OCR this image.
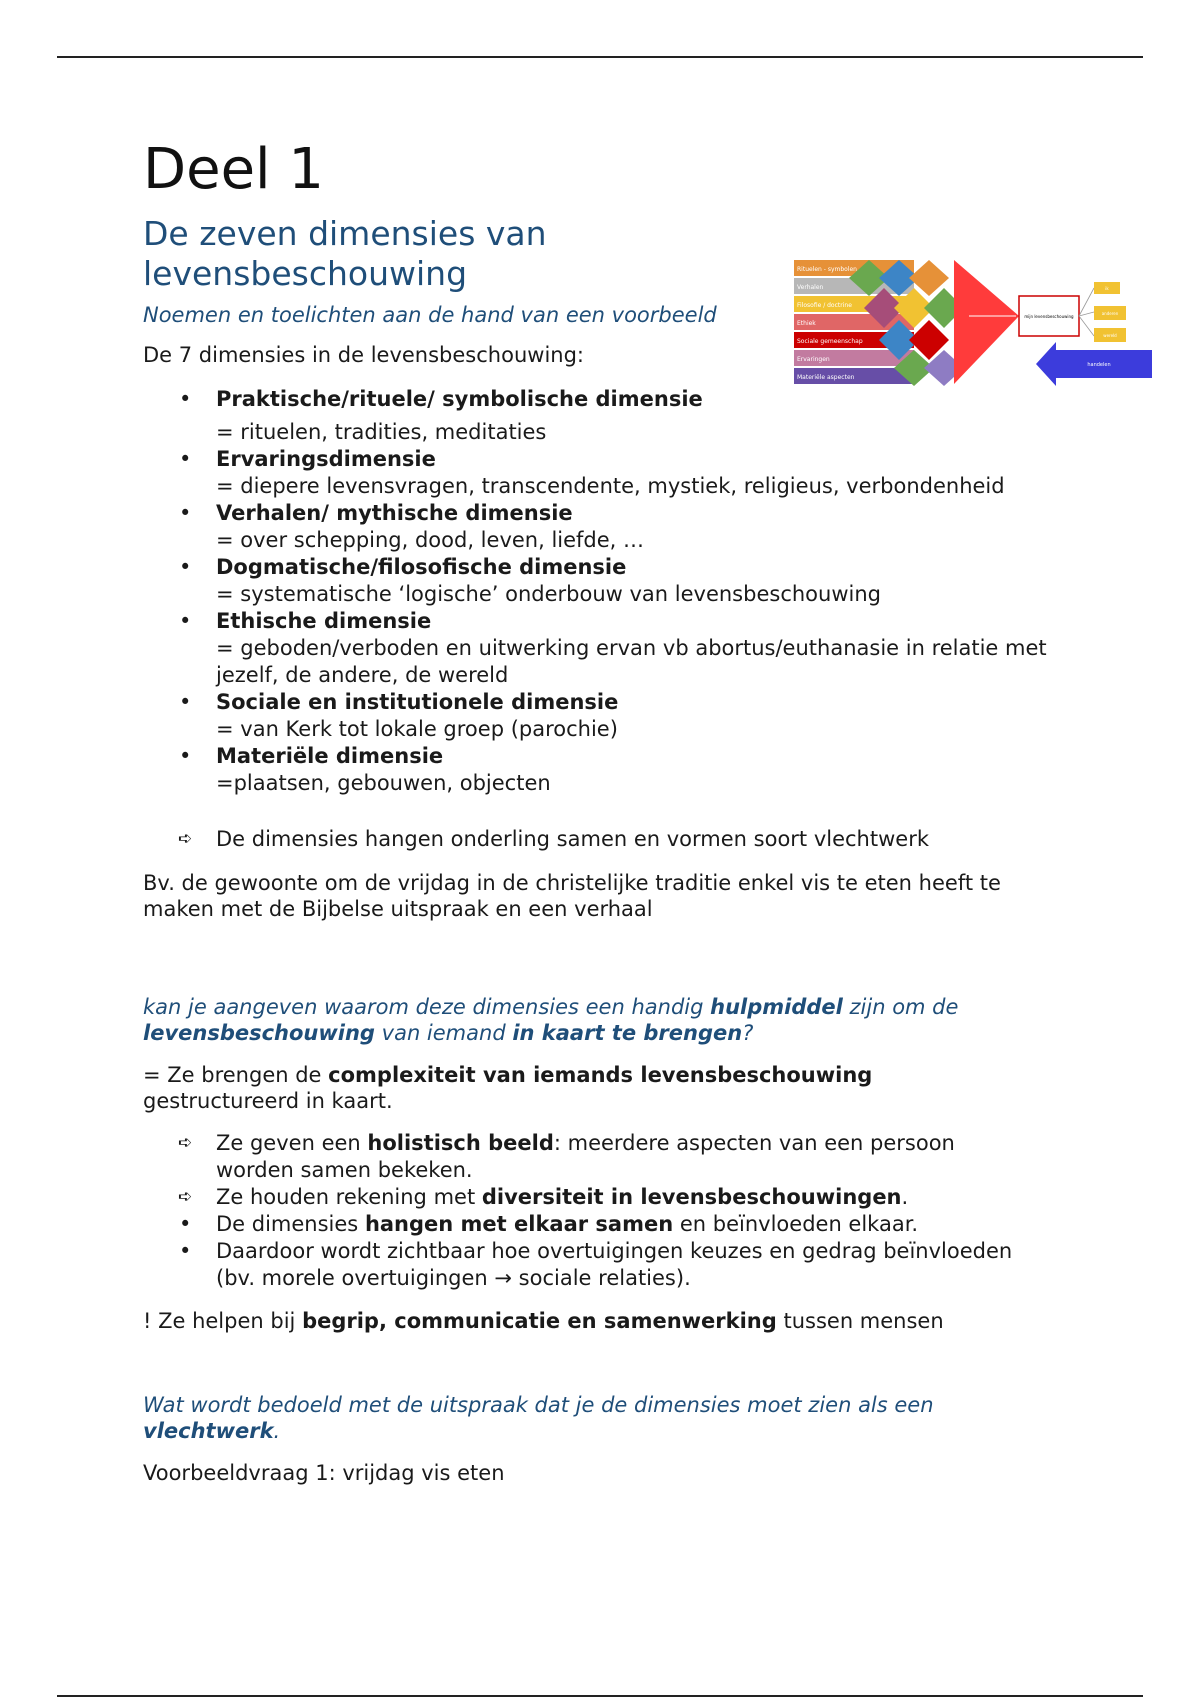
Deel 1
De zeven dimensies van levensbeschouwing

Noemen en toelichten aan de hand van een voorbeeld

De 7 dimensies in de levensbeschouwing:

• Praktische/rituele/ symbolische dimensie
= rituelen, tradities, meditaties
• Ervaringsdimensie
= diepere levensvragen, transcendente, mystiek, religieus, verbondenheid
• Verhalen/ mythische dimensie
= over schepping, dood, leven, liefde, …
• Dogmatische/filosofische dimensie
= systematische ‘logische’ onderbouw van levensbeschouwing
• Ethische dimensie
= geboden/verboden en uitwerking ervan vb abortus/euthanasie in relatie met jezelf, de andere, de wereld
• Sociale en institutionele dimensie
= van Kerk tot lokale groep (parochie)
• Materiële dimensie
=plaatsen, gebouwen, objecten
➪ De dimensies hangen onderling samen en vormen soort vlechtwerk

Bv. de gewoonte om de vrijdag in de christelijke traditie enkel vis te eten heeft te maken met de Bijbelse uitspraak en een verhaal

kan je aangeven waarom deze dimensies een handig hulpmiddel zijn om de levensbeschouwing van iemand in kaart te brengen?

= Ze brengen de complexiteit van iemands levensbeschouwing gestructureerd in kaart.

➪ Ze geven een holistisch beeld: meerdere aspecten van een persoon worden samen bekeken.
➪ Ze houden rekening met diversiteit in levensbeschouwingen.
• De dimensies hangen met elkaar samen en beïnvloeden elkaar.
• Daardoor wordt zichtbaar hoe overtuigingen keuzes en gedrag beïnvloeden (bv. morele overtuigingen → sociale relaties).

! Ze helpen bij begrip, communicatie en samenwerking tussen mensen

Wat wordt bedoeld met de uitspraak dat je de dimensies moet zien als een vlechtwerk.

Voorbeeldvraag 1: vrijdag vis eten

Rituelen - symbolen
Verhalen
Filosofie / doctrine
Ethiek
Sociale gemeenschap
Ervaringen
Materiële aspecten
mijn levensbeschouwing
ik
anderen
wereld
handelen
